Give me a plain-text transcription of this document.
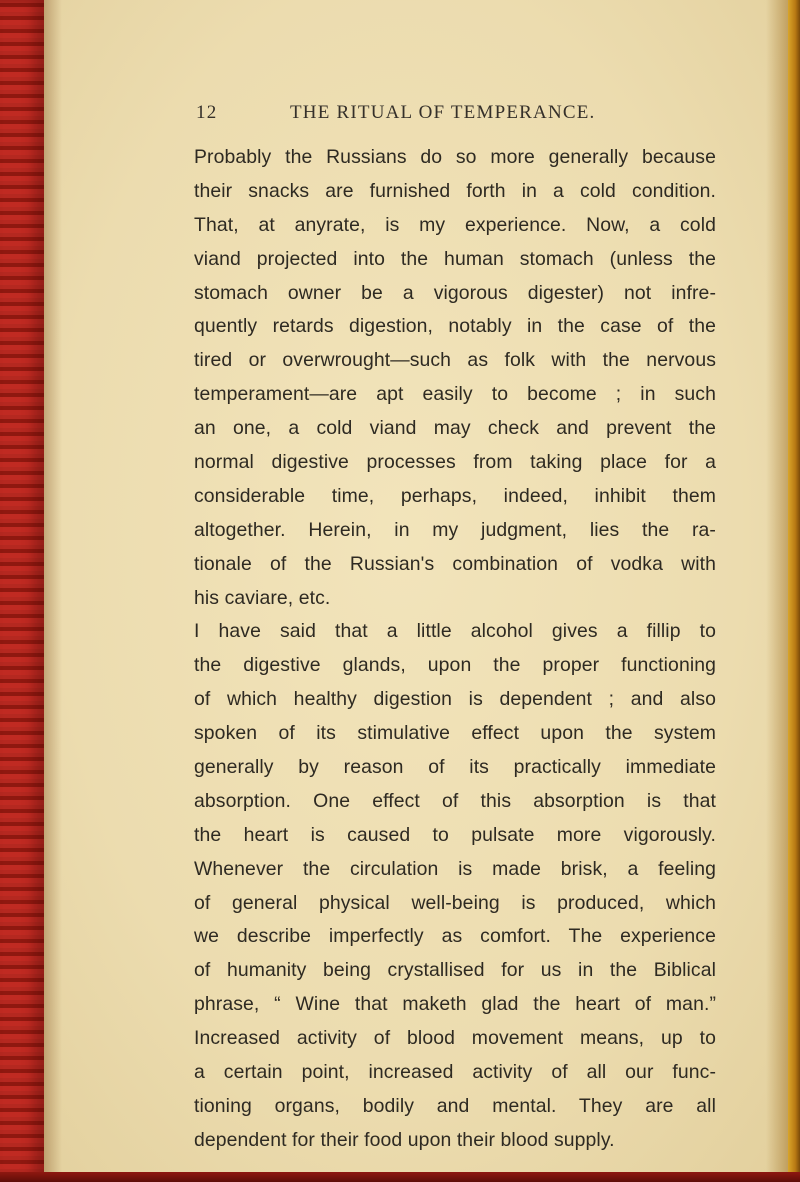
12	THE RITUAL OF TEMPERANCE.
Probably the Russians do so more generally because
their snacks are furnished forth in a cold condition.
That, at anyrate, is my experience. Now, a cold
viand projected into the human stomach (unless the
stomach owner be a vigorous digester) not infre-
quently retards digestion, notably in the case of the
tired or overwrought—such as folk with the nervous
temperament—are apt easily to become ; in such
an one, a cold viand may check and prevent the
normal digestive processes from taking place for a
considerable time, perhaps, indeed, inhibit them
altogether. Herein, in my judgment, lies the ra-
tionale of the Russian's combination of vodka with
his caviare, etc.
I have said that a little alcohol gives a fillip to
the digestive glands, upon the proper functioning
of which healthy digestion is dependent ; and also
spoken of its stimulative effect upon the system
generally by reason of its practically immediate
absorption. One effect of this absorption is that
the heart is caused to pulsate more vigorously.
Whenever the circulation is made brisk, a feeling
of general physical well-being is produced, which
we describe imperfectly as comfort. The experience
of humanity being crystallised for us in the Biblical
phrase, “ Wine that maketh glad the heart of man.”
Increased activity of blood movement means, up to
a certain point, increased activity of all our func-
tioning organs, bodily and mental. They are all
dependent for their food upon their blood supply.
